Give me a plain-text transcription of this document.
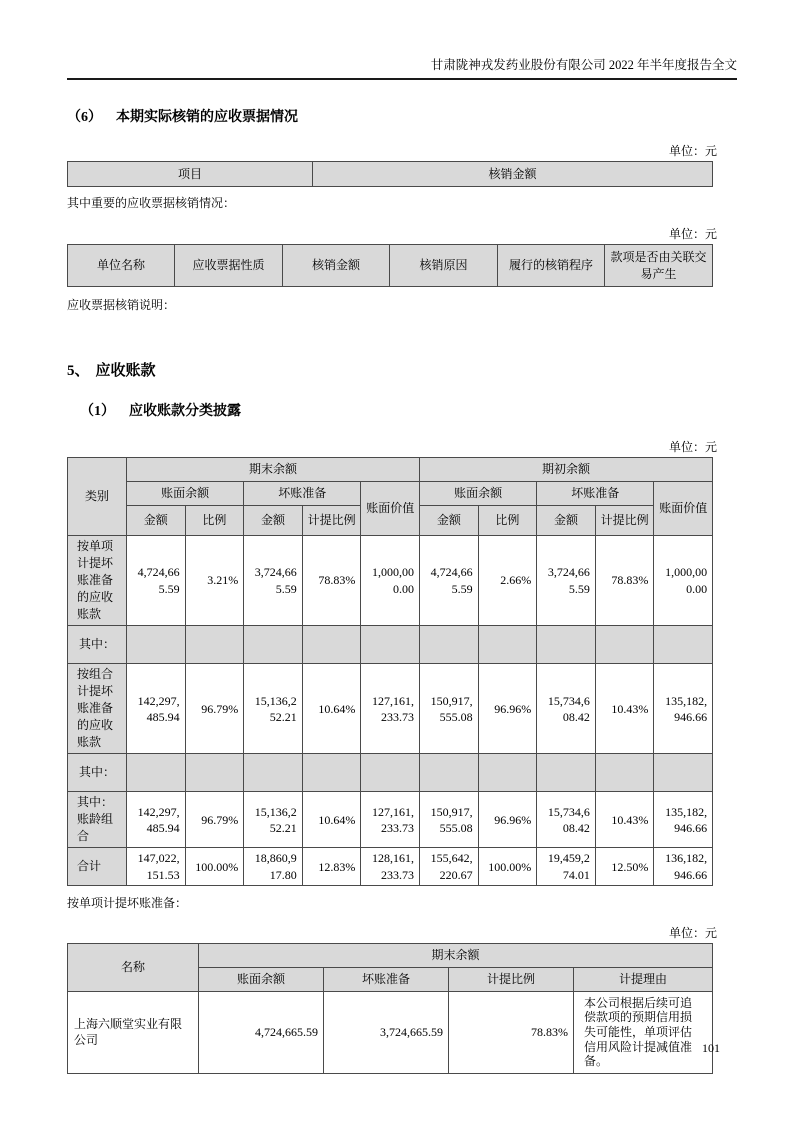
甘肃陇神戎发药业股份有限公司 2022 年半年度报告全文
（6） 本期实际核销的应收票据情况
单位：元
项目	核销金额
其中重要的应收票据核销情况：
单位：元
单位名称	应收票据性质	核销金额	核销原因	履行的核销程序	款项是否由关联交易产生
应收票据核销说明：
5、 应收账款
（1） 应收账款分类披露
单位：元
类别	期末余额					期初余额				
	账面余额		坏账准备		账面价值	账面余额		坏账准备		账面价值
	金额	比例	金额	计提比例		金额	比例	金额	计提比例	
按单项计提坏账准备的应收账款	4,724,665.59	3.21%	3,724,665.59	78.83%	1,000,000.00	4,724,665.59	2.66%	3,724,665.59	78.83%	1,000,000.00
其中：										
按组合计提坏账准备的应收账款	142,297,485.94	96.79%	15,136,252.21	10.64%	127,161,233.73	150,917,555.08	96.96%	15,734,608.42	10.43%	135,182,946.66
其中：										
其中：账龄组合	142,297,485.94	96.79%	15,136,252.21	10.64%	127,161,233.73	150,917,555.08	96.96%	15,734,608.42	10.43%	135,182,946.66
合计	147,022,151.53	100.00%	18,860,917.80	12.83%	128,161,233.73	155,642,220.67	100.00%	19,459,274.01	12.50%	136,182,946.66
按单项计提坏账准备：
单位：元
名称	期末余额			
	账面余额	坏账准备	计提比例	计提理由
上海六顺堂实业有限公司	4,724,665.59	3,724,665.59	78.83%	本公司根据后续可追偿款项的预期信用损失可能性，单项评估信用风险计提减值准备。
101
